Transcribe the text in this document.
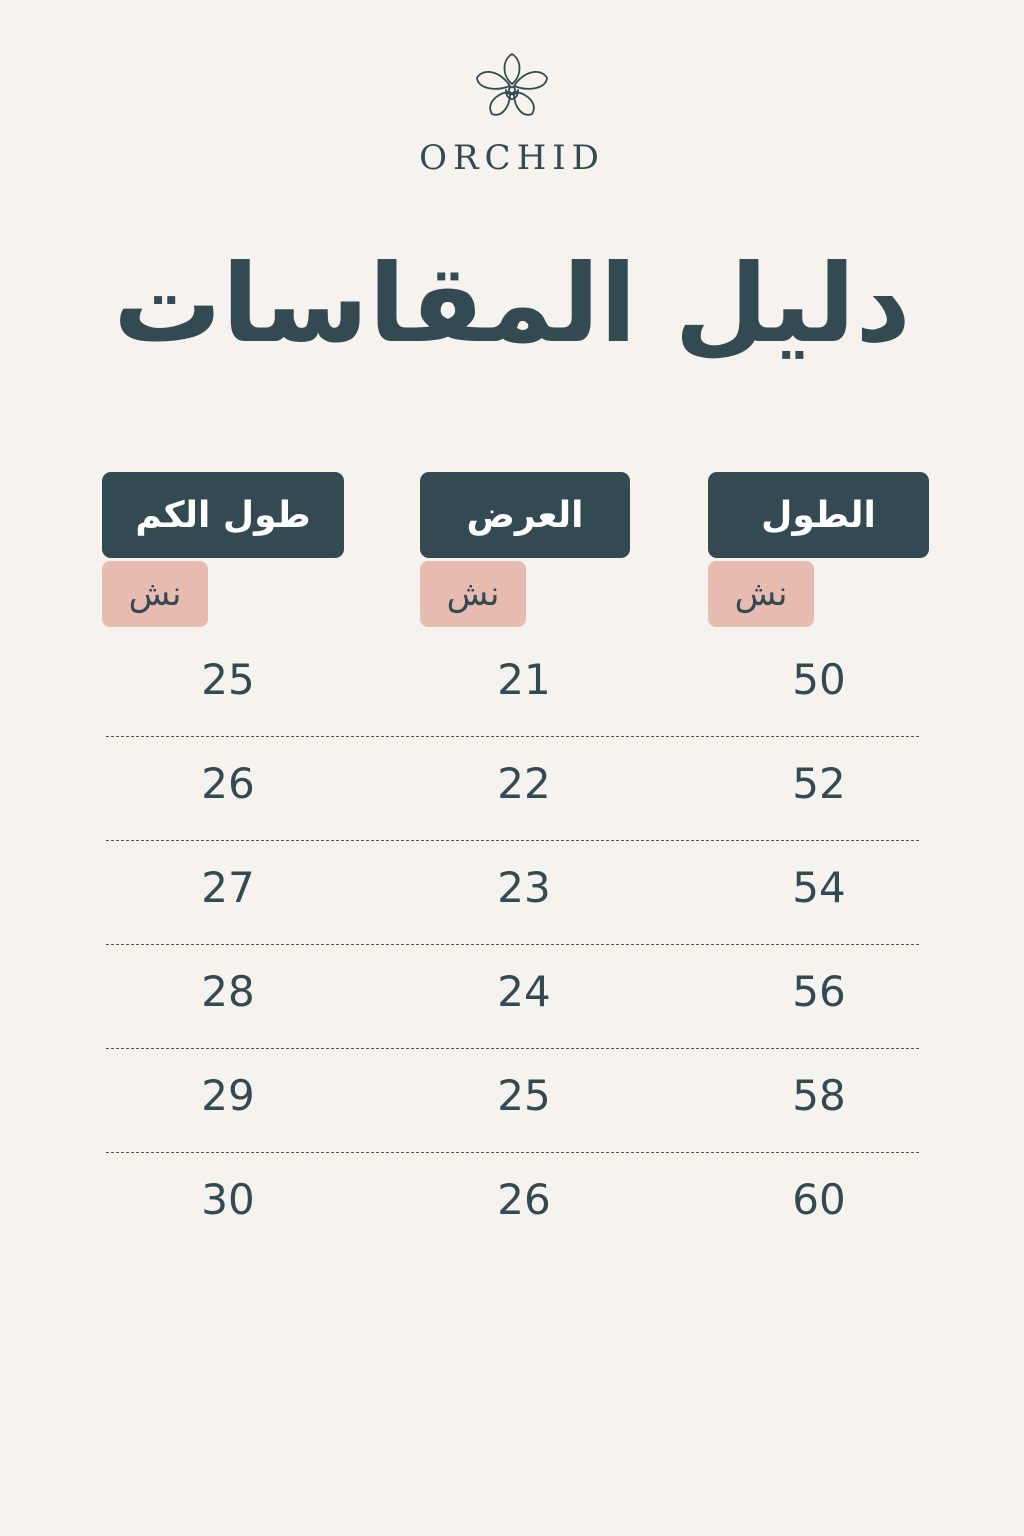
ORCHID
دليل المقاسات
الطول
العرض
طول الكم
نش
نش
نش
50
21
25
52
22
26
54
23
27
56
24
28
58
25
29
60
26
30
